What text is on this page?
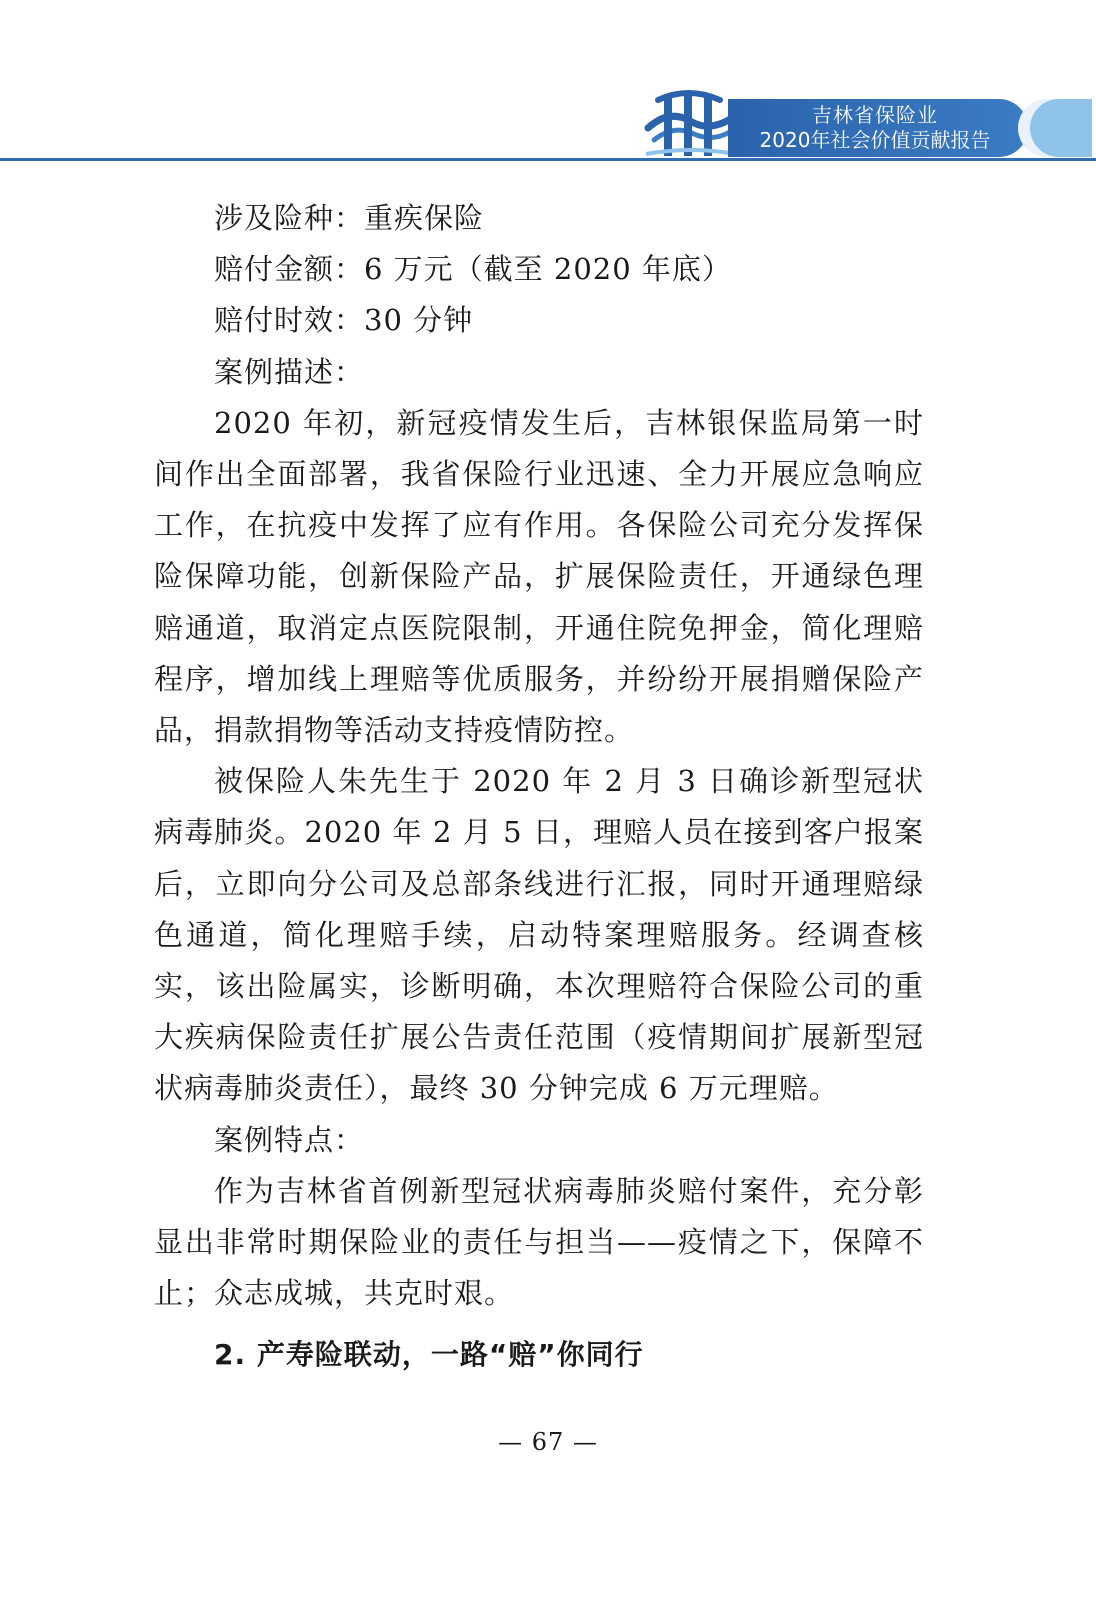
吉林省保险业
2020年社会价值贡献报告

涉及险种：重疾保险

赔付金额：6 万元（截至 2020 年底）

赔付时效：30 分钟

案例描述：

2020 年初，新冠疫情发生后，吉林银保监局第一时间作出全面部署，我省保险行业迅速、全力开展应急响应工作，在抗疫中发挥了应有作用。各保险公司充分发挥保险保障功能，创新保险产品，扩展保险责任，开通绿色理赔通道，取消定点医院限制，开通住院免押金，简化理赔程序，增加线上理赔等优质服务，并纷纷开展捐赠保险产品，捐款捐物等活动支持疫情防控。

被保险人朱先生于 2020 年 2 月 3 日确诊新型冠状病毒肺炎。2020 年 2 月 5 日，理赔人员在接到客户报案后，立即向分公司及总部条线进行汇报，同时开通理赔绿色通道，简化理赔手续，启动特案理赔服务。经调查核实，该出险属实，诊断明确，本次理赔符合保险公司的重大疾病保险责任扩展公告责任范围（疫情期间扩展新型冠状病毒肺炎责任），最终 30 分钟完成 6 万元理赔。

案例特点：

作为吉林省首例新型冠状病毒肺炎赔付案件，充分彰显出非常时期保险业的责任与担当——疫情之下，保障不止；众志成城，共克时艰。

2. 产寿险联动，一路“赔”你同行
— 67 —
